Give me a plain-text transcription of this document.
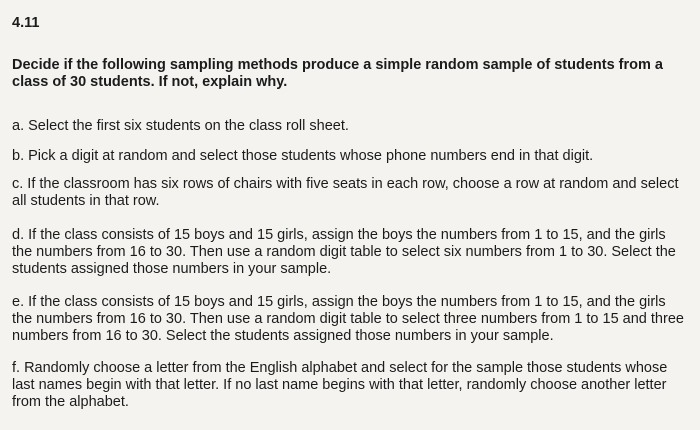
4.11

Decide if the following sampling methods produce a simple random sample of students from a class of 30 students. If not, explain why.

a. Select the first six students on the class roll sheet.

b. Pick a digit at random and select those students whose phone numbers end in that digit.

c. If the classroom has six rows of chairs with five seats in each row, choose a row at random and select all students in that row.

d. If the class consists of 15 boys and 15 girls, assign the boys the numbers from 1 to 15, and the girls the numbers from 16 to 30. Then use a random digit table to select six numbers from 1 to 30. Select the students assigned those numbers in your sample.

e. If the class consists of 15 boys and 15 girls, assign the boys the numbers from 1 to 15, and the girls the numbers from 16 to 30. Then use a random digit table to select three numbers from 1 to 15 and three numbers from 16 to 30. Select the students assigned those numbers in your sample.

f. Randomly choose a letter from the English alphabet and select for the sample those students whose last names begin with that letter. If no last name begins with that letter, randomly choose another letter from the alphabet.
